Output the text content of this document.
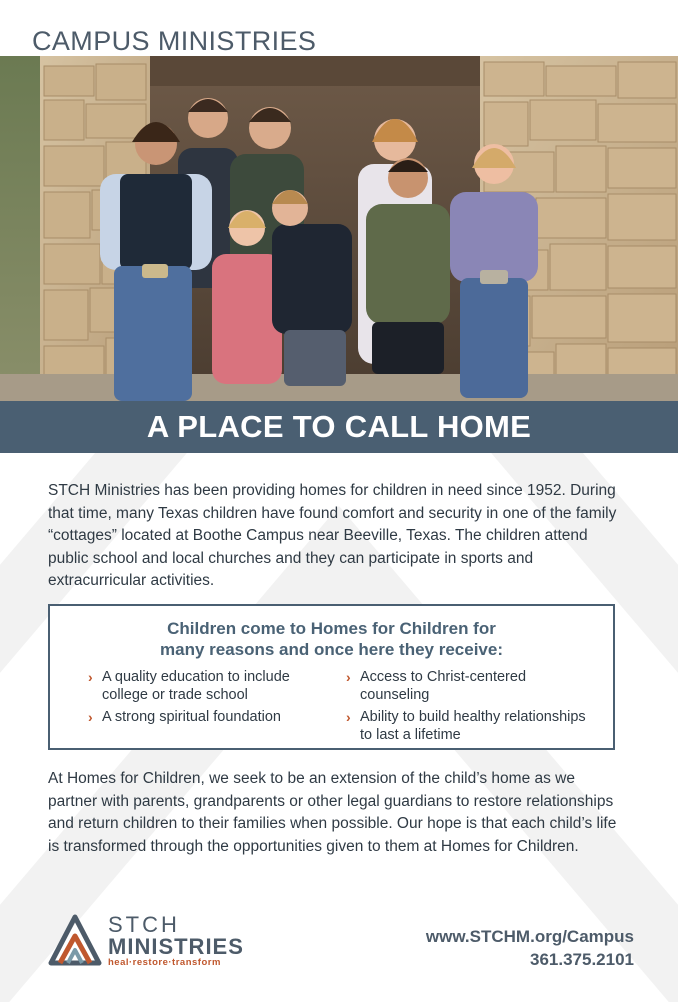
CAMPUS MINISTRIES
A PLACE TO CALL HOME

STCH Ministries has been providing homes for children in need since 1952. During that time, many Texas children have found comfort and security in one of the family “cottages” located at Boothe Campus near Beeville, Texas. The children attend public school and local churches and they can participate in sports and extracurricular activities.

Children come to Homes for Children for
many reasons and once here they receive:
› A quality education to include college or trade school
› A strong spiritual foundation
› Access to Christ-centered counseling
› Ability to build healthy relationships to last a lifetime

At Homes for Children, we seek to be an extension of the child’s home as we partner with parents, grandparents or other legal guardians to restore relationships and return children to their families when possible. Our hope is that each child’s life is transformed through the opportunities given to them at Homes for Children.

STCH
MINISTRIES
heal·restore·transform
www.STCHM.org/Campus
361.375.2101
